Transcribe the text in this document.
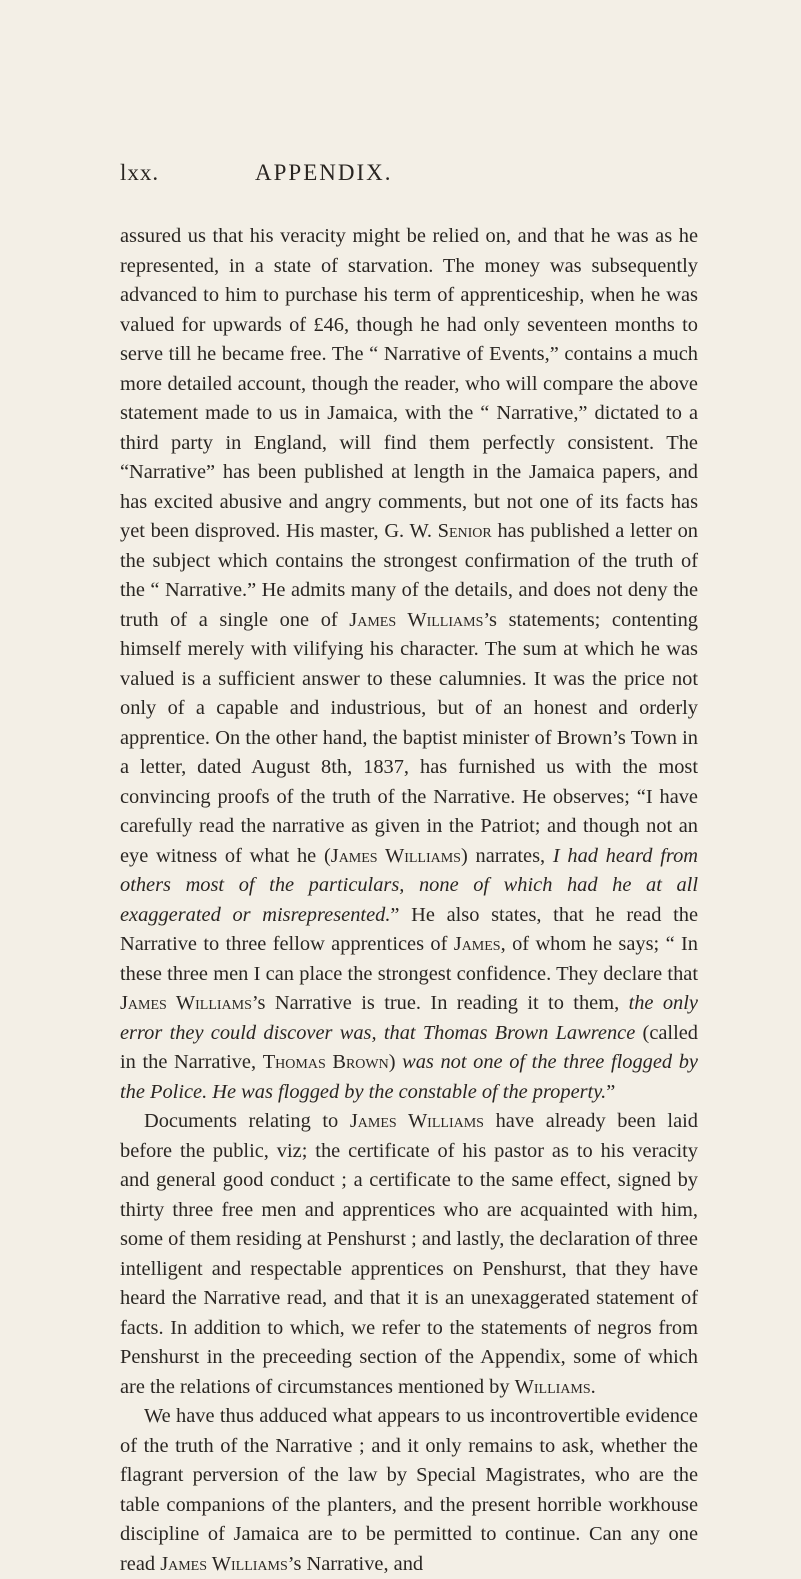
lxx.	APPENDIX.

assured us that his veracity might be relied on, and that he was as he represented, in a state of starvation. The money was subsequently advanced to him to purchase his term of apprenticeship, when he was valued for upwards of £46, though he had only seventeen months to serve till he became free. The “ Narrative of Events,” contains a much more detailed account, though the reader, who will compare the above statement made to us in Jamaica, with the “ Narrative,” dictated to a third party in England, will find them perfectly consistent. The “Narrative” has been published at length in the Jamaica papers, and has excited abusive and angry comments, but not one of its facts has yet been disproved. His master, G. W. Senior has published a letter on the subject which contains the strongest confirmation of the truth of the “ Narrative.” He admits many of the details, and does not deny the truth of a single one of James Williams’s statements; contenting himself merely with vilifying his character. The sum at which he was valued is a sufficient answer to these calumnies. It was the price not only of a capable and industrious, but of an honest and orderly apprentice. On the other hand, the baptist minister of Brown’s Town in a letter, dated August 8th, 1837, has furnished us with the most convincing proofs of the truth of the Narrative. He observes; “I have carefully read the narrative as given in the Patriot; and though not an eye witness of what he (James Williams) narrates, I had heard from others most of the particulars, none of which had he at all exaggerated or misrepresented.” He also states, that he read the Narrative to three fellow apprentices of James, of whom he says; “ In these three men I can place the strongest confidence. They declare that James Williams’s Narrative is true. In reading it to them, the only error they could discover was, that Thomas Brown Lawrence (called in the Narrative, Thomas Brown) was not one of the three flogged by the Police. He was flogged by the constable of the property.”

Documents relating to James Williams have already been laid before the public, viz; the certificate of his pastor as to his veracity and general good conduct ; a certificate to the same effect, signed by thirty three free men and apprentices who are acquainted with him, some of them residing at Penshurst ; and lastly, the declaration of three intelligent and respectable apprentices on Penshurst, that they have heard the Narrative read, and that it is an unexaggerated statement of facts. In addition to which, we refer to the statements of negros from Penshurst in the preceeding section of the Appendix, some of which are the relations of circumstances mentioned by Williams.

We have thus adduced what appears to us incontrovertible evidence of the truth of the Narrative ; and it only remains to ask, whether the flagrant perversion of the law by Special Magistrates, who are the table companions of the planters, and the present horrible workhouse discipline of Jamaica are to be permitted to continue. Can any one read James Williams’s Narrative, and
